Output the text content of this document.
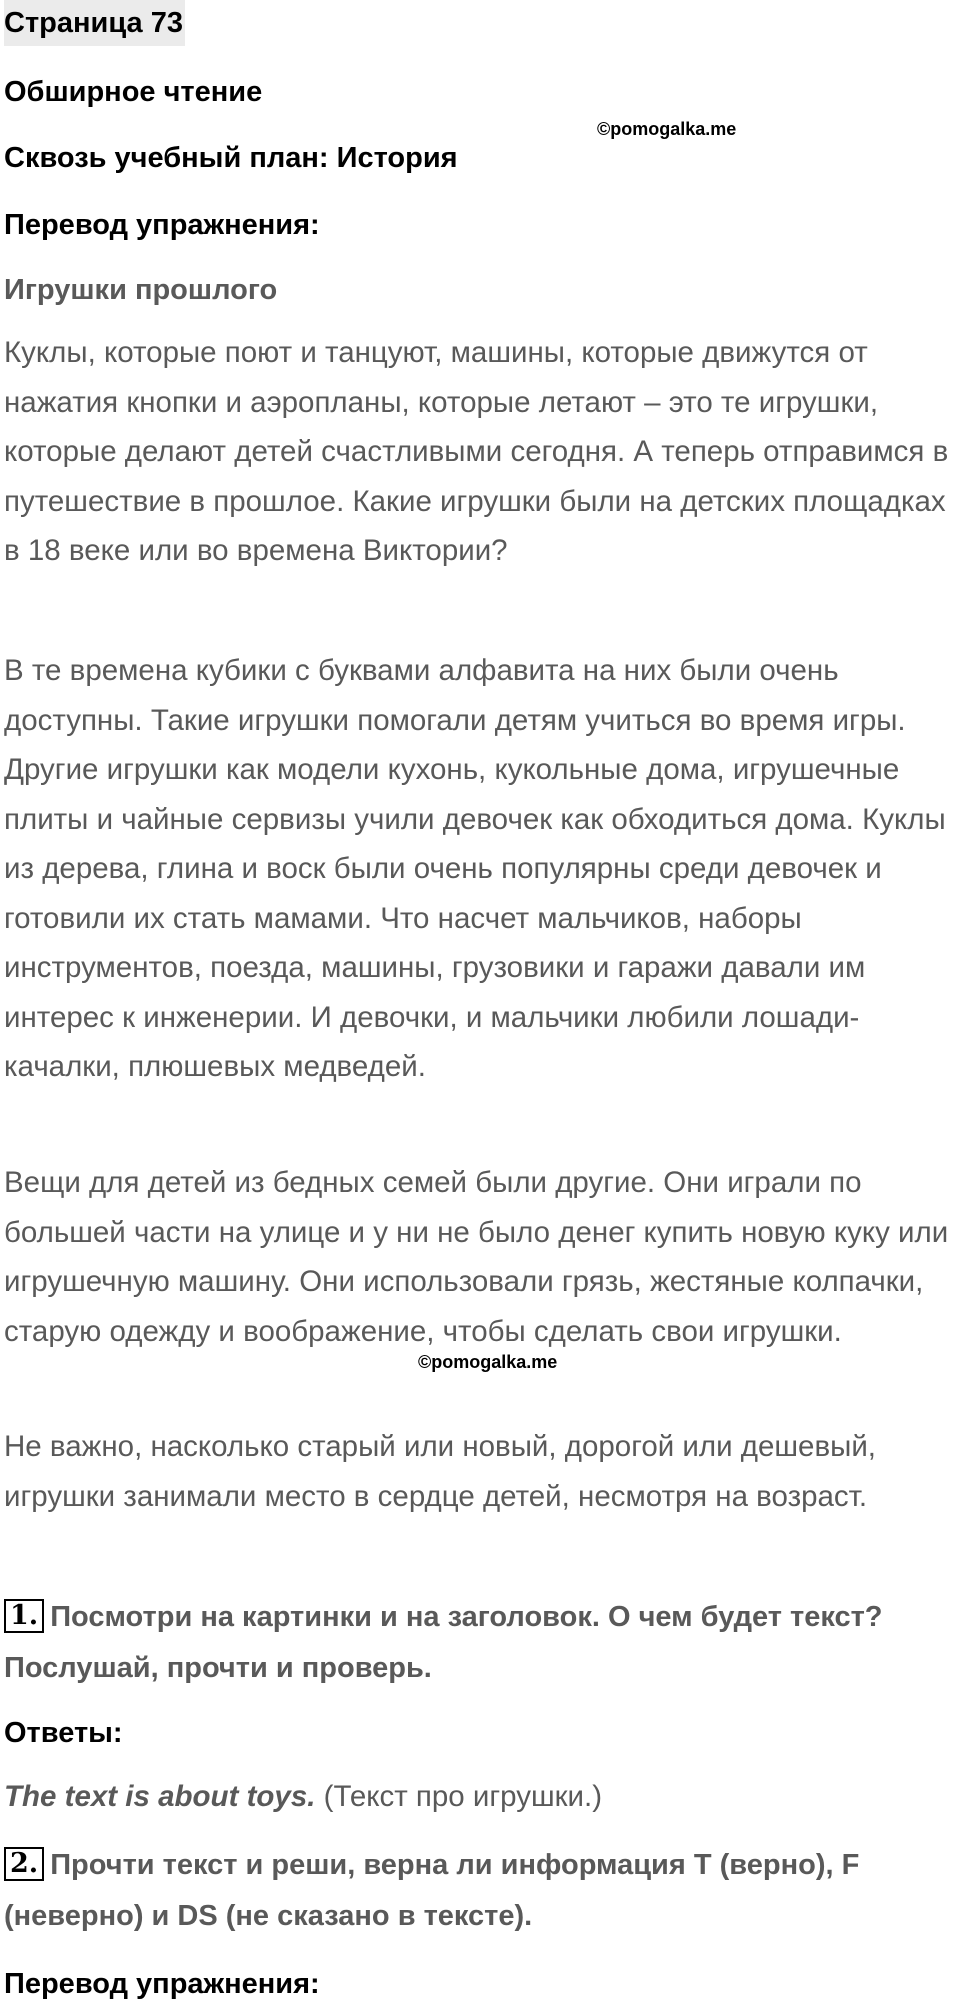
Страница 73
Обширное чтение
Сквозь учебный план: История
©pomogalka.me
Перевод упражнения:
Игрушки прошлого

Куклы, которые поют и танцуют, машины, которые движутся от нажатия кнопки и аэропланы, которые летают – это те игрушки, которые делают детей счастливыми сегодня. А теперь отправимся в путешествие в прошлое. Какие игрушки были на детских площадках в 18 веке или во времена Виктории?

В те времена кубики с буквами алфавита на них были очень доступны. Такие игрушки помогали детям учиться во время игры. Другие игрушки как модели кухонь, кукольные дома, игрушечные плиты и чайные сервизы учили девочек как обходиться дома. Куклы из дерева, глина и воск были очень популярны среди девочек и готовили их стать мамами. Что насчет мальчиков, наборы инструментов, поезда, машины, грузовики и гаражи давали им интерес к инженерии. И девочки, и мальчики любили лошади-качалки, плюшевых медведей.

Вещи для детей из бедных семей были другие. Они играли по большей части на улице и у ни не было денег купить новую куку или игрушечную машину. Они использовали грязь, жестяные колпачки, старую одежду и воображение, чтобы сделать свои игрушки.

©pomogalka.me

Не важно, насколько старый или новый, дорогой или дешевый, игрушки занимали место в сердце детей, несмотря на возраст.

1. Посмотри на картинки и на заголовок. О чем будет текст? Послушай, прочти и проверь.
Ответы:
The text is about toys. (Текст про игрушки.)
2. Прочти текст и реши, верна ли информация T (верно), F (неверно) и DS (не сказано в тексте).
Перевод упражнения:
